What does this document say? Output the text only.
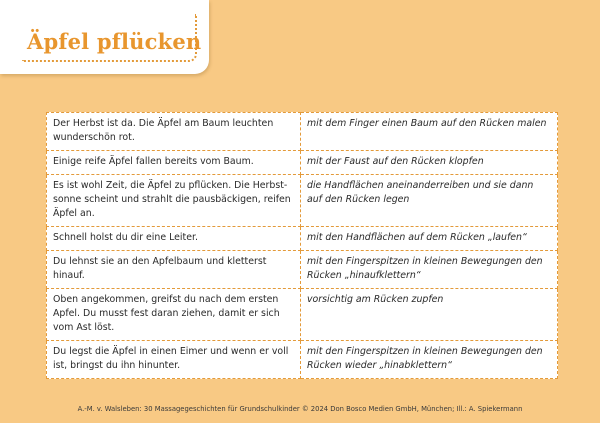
Äpfel pflücken
Der Herbst ist da. Die Äpfel am Baum leuchten wunderschön rot.	mit dem Finger einen Baum auf den Rücken malen
Einige reife Äpfel fallen bereits vom Baum.	mit der Faust auf den Rücken klopfen
Es ist wohl Zeit, die Äpfel zu pflücken. Die Herbst-sonne scheint und strahlt die pausbäckigen, reifen Äpfel an.	die Handflächen aneinanderreiben und sie dann auf den Rücken legen
Schnell holst du dir eine Leiter.	mit den Handflächen auf dem Rücken „laufen“
Du lehnst sie an den Apfelbaum und kletterst hinauf.	mit den Fingerspitzen in kleinen Bewegungen den Rücken „hinaufklettern“
Oben angekommen, greifst du nach dem ersten Apfel. Du musst fest daran ziehen, damit er sich vom Ast löst.	vorsichtig am Rücken zupfen
Du legst die Äpfel in einen Eimer und wenn er voll ist, bringst du ihn hinunter.	mit den Fingerspitzen in kleinen Bewegungen den Rücken wieder „hinabklettern“
A.-M. v. Walsleben: 30 Massagegeschichten für Grundschulkinder © 2024 Don Bosco Medien GmbH, München; Ill.: A. Spiekermann
